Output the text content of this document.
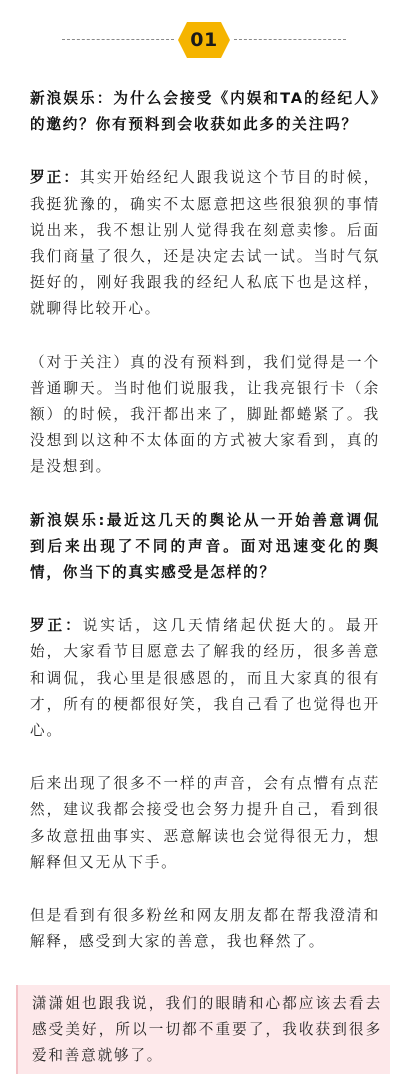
01

新浪娱乐：为什么会接受《内娱和TA的经纪人》的邀约？你有预料到会收获如此多的关注吗？

罗正：其实开始经纪人跟我说这个节目的时候，我挺犹豫的，确实不太愿意把这些很狼狈的事情说出来，我不想让别人觉得我在刻意卖惨。后面我们商量了很久，还是决定去试一试。当时气氛挺好的，刚好我跟我的经纪人私底下也是这样，就聊得比较开心。

（对于关注）真的没有预料到，我们觉得是一个普通聊天。当时他们说服我，让我亮银行卡（余额）的时候，我汗都出来了，脚趾都蜷紧了。我没想到以这种不太体面的方式被大家看到，真的是没想到。

新浪娱乐:最近这几天的舆论从一开始善意调侃到后来出现了不同的声音。面对迅速变化的舆情，你当下的真实感受是怎样的？

罗正：说实话，这几天情绪起伏挺大的。最开始，大家看节目愿意去了解我的经历，很多善意和调侃，我心里是很感恩的，而且大家真的很有才，所有的梗都很好笑，我自己看了也觉得也开心。

后来出现了很多不一样的声音，会有点懵有点茫然，建议我都会接受也会努力提升自己，看到很多故意扭曲事实、恶意解读也会觉得很无力，想解释但又无从下手。

但是看到有很多粉丝和网友朋友都在帮我澄清和解释，感受到大家的善意，我也释然了。

潇潇姐也跟我说，我们的眼睛和心都应该去看去感受美好，所以一切都不重要了，我收获到很多爱和善意就够了。
